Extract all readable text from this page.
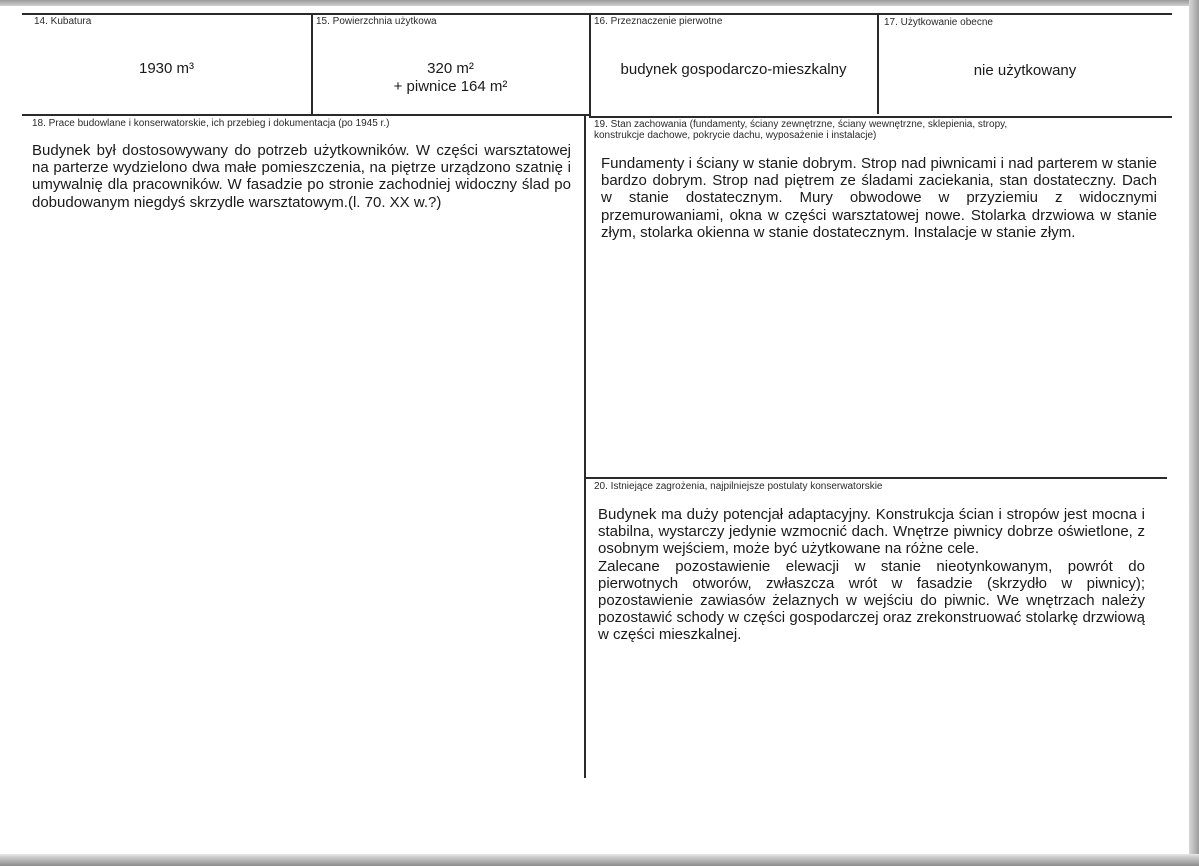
14. Kubatura
1930 m³
15. Powierzchnia użytkowa
320 m²
+ piwnice 164 m²
16. Przeznaczenie pierwotne
budynek gospodarczo-mieszkalny
17. Użytkowanie obecne
nie użytkowany
18. Prace budowlane i konserwatorskie, ich przebieg i dokumentacja (po 1945 r.)

Budynek był dostosowywany do potrzeb użytkowników. W części warsztatowej na parterze wydzielono dwa małe pomieszczenia, na piętrze urządzono szatnię i umywalnię dla pracowników. W fasadzie po stronie zachodniej widoczny ślad po dobudowanym niegdyś skrzydle warsztatowym.(l. 70. XX w.?)

19. Stan zachowania (fundamenty, ściany zewnętrzne, ściany wewnętrzne, sklepienia, stropy,
konstrukcje dachowe, pokrycie dachu, wyposażenie i instalacje)

Fundamenty i ściany w stanie dobrym. Strop nad piwnicami i nad parterem w stanie bardzo dobrym. Strop nad piętrem ze śladami zaciekania, stan dostateczny. Dach w stanie dostatecznym. Mury obwodowe w przyziemiu z widocznymi przemurowaniami, okna w części warsztatowej nowe. Stolarka drzwiowa w stanie złym, stolarka okienna w stanie dostatecznym. Instalacje w stanie złym.

20. Istniejące zagrożenia, najpilniejsze postulaty konserwatorskie

Budynek ma duży potencjał adaptacyjny. Konstrukcja ścian i stropów jest mocna i stabilna, wystarczy jedynie wzmocnić dach. Wnętrze piwnicy dobrze oświetlone, z osobnym wejściem, może być użytkowane na różne cele.

Zalecane pozostawienie elewacji w stanie nieotynkowanym, powrót do pierwotnych otworów, zwłaszcza wrót w fasadzie (skrzydło w piwnicy); pozostawienie zawiasów żelaznych w wejściu do piwnic. We wnętrzach należy pozostawić schody w części gospodarczej oraz zrekonstruować stolarkę drzwiową w części mieszkalnej.
